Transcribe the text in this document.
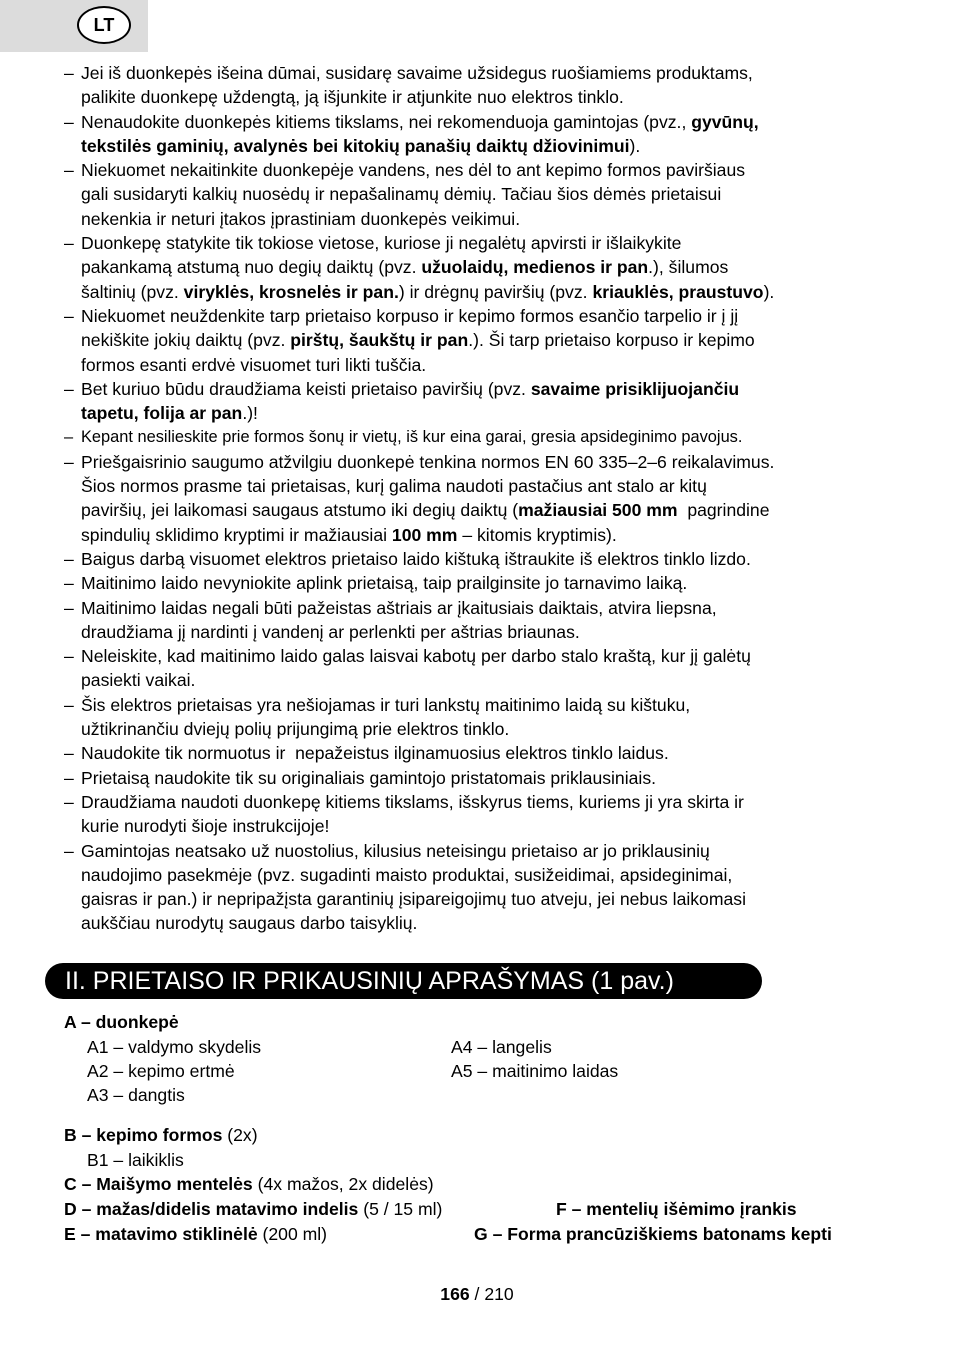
LT
– Jei iš duonkepės išeina dūmai, susidarę savaime užsidegus ruošiamiems produktams,
palikite duonkepę uždengtą, ją išjunkite ir atjunkite nuo elektros tinklo.
– Nenaudokite duonkepės kitiems tikslams, nei rekomenduoja gamintojas (pvz., gyvūnų,
tekstilės gaminių, avalynės bei kitokių panašių daiktų džiovinimui).
– Niekuomet nekaitinkite duonkepėje vandens, nes dėl to ant kepimo formos paviršiaus
gali susidaryti kalkių nuosėdų ir nepašalinamų dėmių. Tačiau šios dėmės prietaisui
nekenkia ir neturi įtakos įprastiniam duonkepės veikimui.
– Duonkepę statykite tik tokiose vietose, kuriose ji negalėtų apvirsti ir išlaikykite
pakankamą atstumą nuo degių daiktų (pvz. užuolaidų, medienos ir pan.), šilumos
šaltinių (pvz. viryklės, krosnelės ir pan.) ir drėgnų paviršių (pvz. kriauklės, praustuvo).
– Niekuomet neuždenkite tarp prietaiso korpuso ir kepimo formos esančio tarpelio ir į jį
nekiškite jokių daiktų (pvz. pirštų, šaukštų ir pan.). Ši tarp prietaiso korpuso ir kepimo
formos esanti erdvė visuomet turi likti tuščia.
– Bet kuriuo būdu draudžiama keisti prietaiso paviršių (pvz. savaime prisiklijuojančiu
tapetu, folija ar pan.)!
– Kepant nesilieskite prie formos šonų ir vietų, iš kur eina garai, gresia apsideginimo pavojus.
– Priešgaisrinio saugumo atžvilgiu duonkepė tenkina normos EN 60 335–2–6 reikalavimus.
Šios normos prasme tai prietaisas, kurį galima naudoti pastačius ant stalo ar kitų
paviršių, jei laikomasi saugaus atstumo iki degių daiktų (mažiausiai 500 mm  pagrindine
spindulių sklidimo kryptimi ir mažiausiai 100 mm – kitomis kryptimis).
– Baigus darbą visuomet elektros prietaiso laido kištuką ištraukite iš elektros tinklo lizdo.
– Maitinimo laido nevyniokite aplink prietaisą, taip prailginsite jo tarnavimo laiką.
– Maitinimo laidas negali būti pažeistas aštriais ar įkaitusiais daiktais, atvira liepsna,
draudžiama jį nardinti į vandenį ar perlenkti per aštrias briaunas.
– Neleiskite, kad maitinimo laido galas laisvai kabotų per darbo stalo kraštą, kur jį galėtų
pasiekti vaikai.
– Šis elektros prietaisas yra nešiojamas ir turi lankstų maitinimo laidą su kištuku,
užtikrinančiu dviejų polių prijungimą prie elektros tinklo.
– Naudokite tik normuotus ir  nepažeistus ilginamuosius elektros tinklo laidus.
– Prietaisą naudokite tik su originaliais gamintojo pristatomais priklausiniais.
– Draudžiama naudoti duonkepę kitiems tikslams, išskyrus tiems, kuriems ji yra skirta ir
kurie nurodyti šioje instrukcijoje!
– Gamintojas neatsako už nuostolius, kilusius neteisingu prietaiso ar jo priklausinių
naudojimo pasekmėje (pvz. sugadinti maisto produktai, susižeidimai, apsideginimai,
gaisras ir pan.) ir nepripažįsta garantinių įsipareigojimų tuo atveju, jei nebus laikomasi
aukščiau nurodytų saugaus darbo taisyklių.
II. PRIETAISO IR PRIKAUSINIŲ APRAŠYMAS (1 pav.)
A – duonkepė
A1 – valdymo skydelis	A4 – langelis
A2 – kepimo ertmė	A5 – maitinimo laidas
A3 – dangtis
B – kepimo formos (2x)
B1 – laikiklis
C – Maišymo mentelės (4x mažos, 2x didelės)
D – mažas/didelis matavimo indelis (5 / 15 ml)	F – mentelių išėmimo įrankis
E – matavimo stiklinėlė (200 ml)	G – Forma prancūziškiems batonams kepti
166 / 210
